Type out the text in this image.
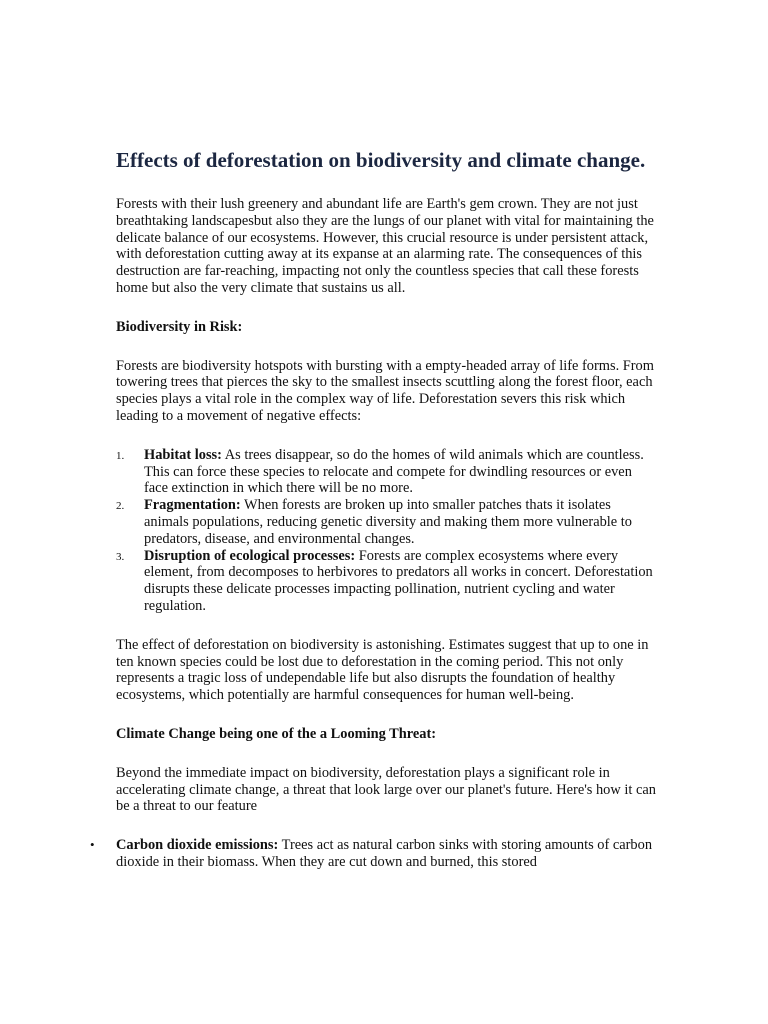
Effects of deforestation on biodiversity and climate change.

Forests with their lush greenery and abundant life are Earth's gem crown. They are not just breathtaking landscapesbut also they are the lungs of our planet with vital for maintaining the delicate balance of our ecosystems. However, this crucial resource is under persistent attack, with deforestation cutting away at its expanse at an alarming rate. The consequences of this destruction are far-reaching, impacting not only the countless species that call these forests home but also the very climate that sustains us all.

Biodiversity in Risk:

Forests are biodiversity hotspots with bursting with a empty-headed array of life forms. From towering trees that pierces the sky to the smallest insects scuttling along the forest floor, each species plays a vital role in the complex way of life. Deforestation severs this risk which leading to a movement of negative effects:

1. Habitat loss: As trees disappear, so do the homes of wild animals which are countless. This can force these species to relocate and compete for dwindling resources or even face extinction in which there will be no more.
2. Fragmentation: When forests are broken up into smaller patches thats it isolates animals populations, reducing genetic diversity and making them more vulnerable to predators, disease, and environmental changes.
3. Disruption of ecological processes: Forests are complex ecosystems where every element, from decomposes to herbivores to predators all works in concert. Deforestation disrupts these delicate processes impacting pollination, nutrient cycling and water regulation.

The effect of deforestation on biodiversity is astonishing. Estimates suggest that up to one in ten known species could be lost due to deforestation in the coming period. This not only represents a tragic loss of undependable life but also disrupts the foundation of healthy ecosystems, which potentially are harmful consequences for human well-being.

Climate Change being one of the a Looming Threat:

Beyond the immediate impact on biodiversity, deforestation plays a significant role in accelerating climate change, a threat that look large over our planet's future. Here's how it can be a threat to our feature

• Carbon dioxide emissions: Trees act as natural carbon sinks with storing amounts of carbon dioxide in their biomass. When they are cut down and burned, this stored
